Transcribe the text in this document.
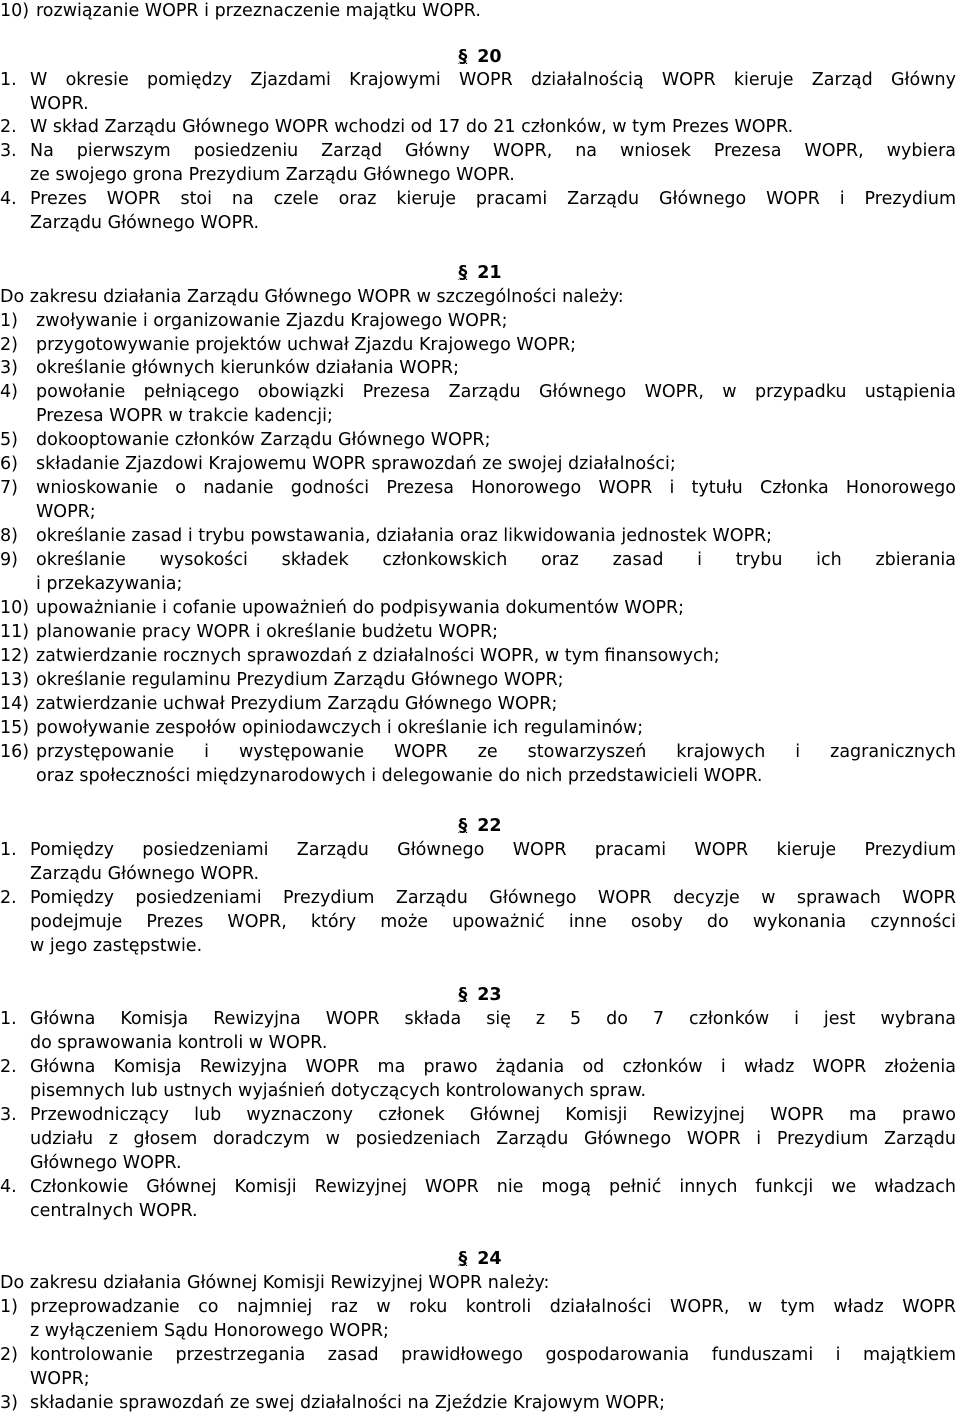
10) rozwiązanie WOPR i przeznaczenie majątku WOPR.
§ 20
1. W okresie pomiędzy Zjazdami Krajowymi WOPR działalnością WOPR kieruje Zarząd Główny
WOPR.
2. W skład Zarządu Głównego WOPR wchodzi od 17 do 21 członków, w tym Prezes WOPR.
3. Na pierwszym posiedzeniu Zarząd Główny WOPR, na wniosek Prezesa WOPR, wybiera
ze swojego grona Prezydium Zarządu Głównego WOPR.
4. Prezes WOPR stoi na czele oraz kieruje pracami Zarządu Głównego WOPR i Prezydium
Zarządu Głównego WOPR.
§ 21
Do zakresu działania Zarządu Głównego WOPR w szczególności należy:
1) zwoływanie i organizowanie Zjazdu Krajowego WOPR;
2) przygotowywanie projektów uchwał Zjazdu Krajowego WOPR;
3) określanie głównych kierunków działania WOPR;
4) powołanie pełniącego obowiązki Prezesa Zarządu Głównego WOPR, w przypadku ustąpienia
Prezesa WOPR w trakcie kadencji;
5) dokooptowanie członków Zarządu Głównego WOPR;
6) składanie Zjazdowi Krajowemu WOPR sprawozdań ze swojej działalności;
7) wnioskowanie o nadanie godności Prezesa Honorowego WOPR i tytułu Członka Honorowego
WOPR;
8) określanie zasad i trybu powstawania, działania oraz likwidowania jednostek WOPR;
9) określanie wysokości składek członkowskich oraz zasad i trybu ich zbierania
i przekazywania;
10) upoważnianie i cofanie upoważnień do podpisywania dokumentów WOPR;
11) planowanie pracy WOPR i określanie budżetu WOPR;
12) zatwierdzanie rocznych sprawozdań z działalności WOPR, w tym finansowych;
13) określanie regulaminu Prezydium Zarządu Głównego WOPR;
14) zatwierdzanie uchwał Prezydium Zarządu Głównego WOPR;
15) powoływanie zespołów opiniodawczych i określanie ich regulaminów;
16) przystępowanie i występowanie WOPR ze stowarzyszeń krajowych i zagranicznych
oraz społeczności międzynarodowych i delegowanie do nich przedstawicieli WOPR.
§ 22
1. Pomiędzy posiedzeniami Zarządu Głównego WOPR pracami WOPR kieruje Prezydium
Zarządu Głównego WOPR.
2. Pomiędzy posiedzeniami Prezydium Zarządu Głównego WOPR decyzje w sprawach WOPR
podejmuje Prezes WOPR, który może upoważnić inne osoby do wykonania czynności
w jego zastępstwie.
§ 23
1. Główna Komisja Rewizyjna WOPR składa się z 5 do 7 członków i jest wybrana
do sprawowania kontroli w WOPR.
2. Główna Komisja Rewizyjna WOPR ma prawo żądania od członków i władz WOPR złożenia
pisemnych lub ustnych wyjaśnień dotyczących kontrolowanych spraw.
3. Przewodniczący lub wyznaczony członek Głównej Komisji Rewizyjnej WOPR ma prawo
udziału z głosem doradczym w posiedzeniach Zarządu Głównego WOPR i Prezydium Zarządu
Głównego WOPR.
4. Członkowie Głównej Komisji Rewizyjnej WOPR nie mogą pełnić innych funkcji we władzach
centralnych WOPR.
§ 24
Do zakresu działania Głównej Komisji Rewizyjnej WOPR należy:
1) przeprowadzanie co najmniej raz w roku kontroli działalności WOPR, w tym władz WOPR
z wyłączeniem Sądu Honorowego WOPR;
2) kontrolowanie przestrzegania zasad prawidłowego gospodarowania funduszami i majątkiem
WOPR;
3) składanie sprawozdań ze swej działalności na Zjeździe Krajowym WOPR;
